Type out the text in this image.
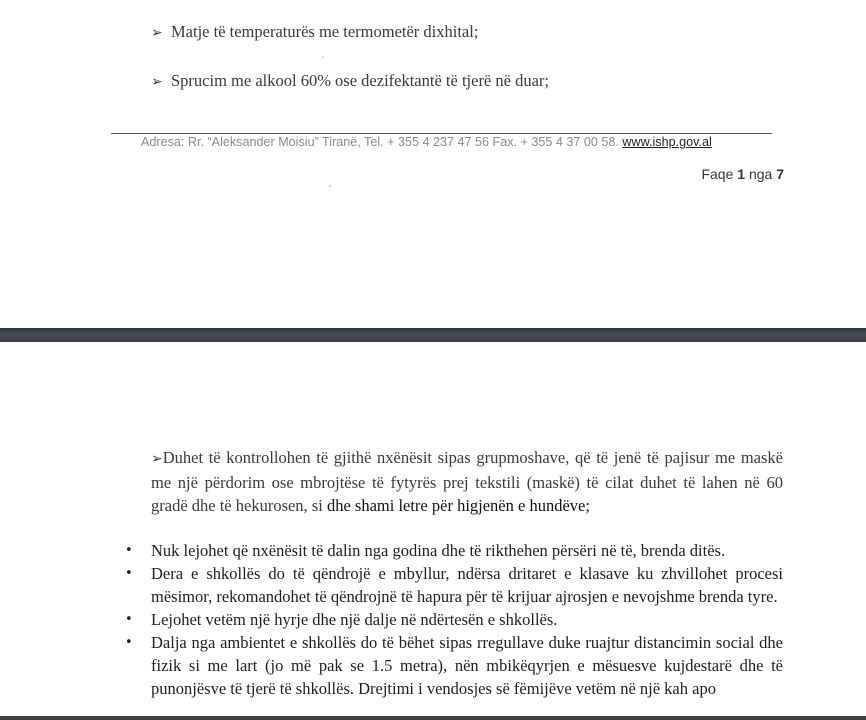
➢ Matje të temperaturës me termometër dixhital;
➢ Sprucim me alkool 60% ose dezifektantë të tjerë në duar;
Adresa: Rr. “Aleksander Moisiu” Tiranë, Tel. + 355 4 237 47 56 Fax. + 355 4 37 00 58. www.ishp.gov.al
Faqe 1 nga 7
➢Duhet të kontrollohen të gjithë nxënësit sipas grupmoshave, që të jenë të pajisur me maskë me një përdorim ose mbrojtëse të fytyrës prej tekstili (maskë) të cilat duhet të lahen në 60 gradë dhe të hekurosen, si dhe shami letre për higjenën e hundëve;
• Nuk lejohet që nxënësit të dalin nga godina dhe të rikthehen përsëri në të, brenda ditës.
• Dera e shkollës do të qëndrojë e mbyllur, ndërsa dritaret e klasave ku zhvillohet procesi mësimor, rekomandohet të qëndrojnë të hapura për të krijuar ajrosjen e nevojshme brenda tyre.
• Lejohet vetëm një hyrje dhe një dalje në ndërtesën e shkollës.
• Dalja nga ambientet e shkollës do të bëhet sipas rregullave duke ruajtur distancimin social dhe fizik si me lart (jo më pak se 1.5 metra), nën mbikëqyrjen e mësuesve kujdestarë dhe të punonjësve të tjerë të shkollës. Drejtimi i vendosjes së fëmijëve vetëm në një kah apo
